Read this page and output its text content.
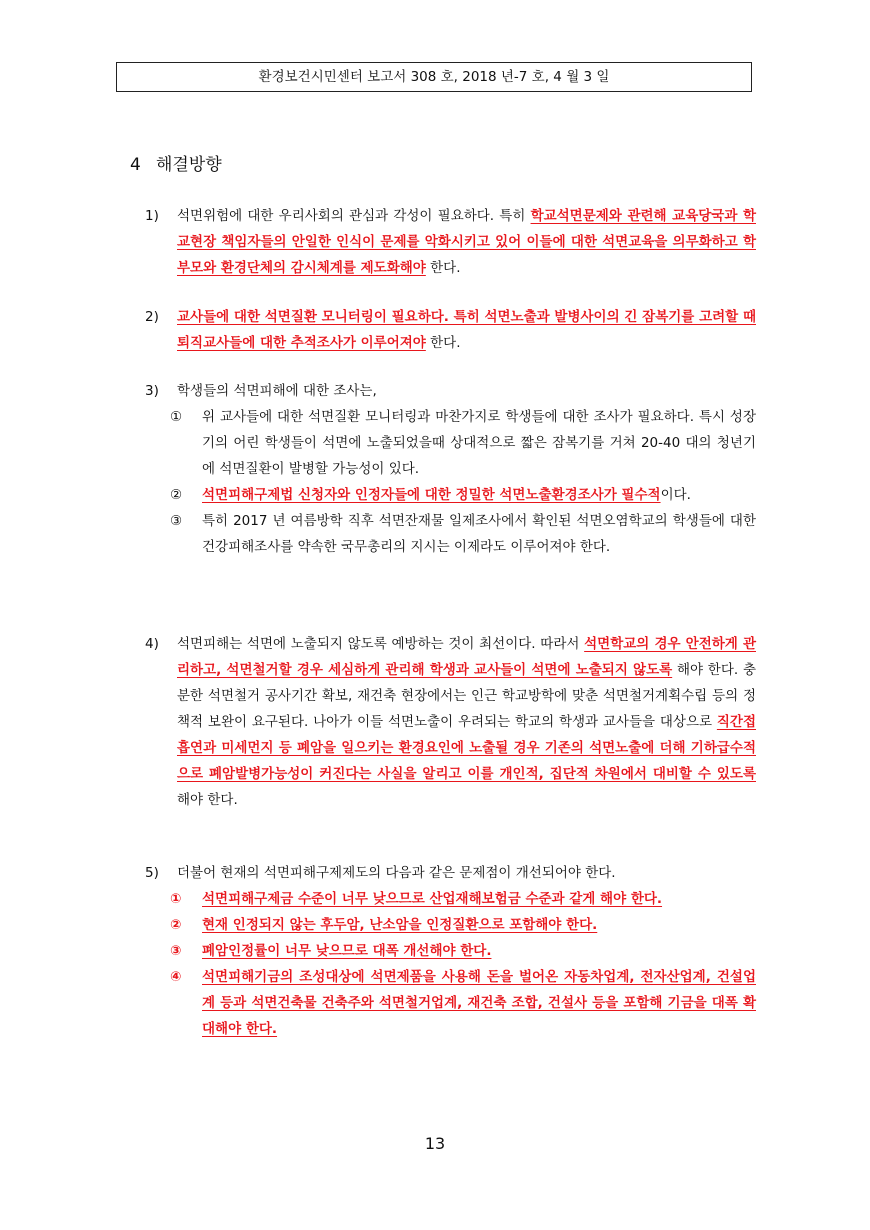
환경보건시민센터 보고서 308 호, 2018 년-7 호, 4 월 3 일
4 해결방향
1) 석면위험에 대한 우리사회의 관심과 각성이 필요하다. 특히 학교석면문제와 관련해 교육당국과 학교현장 책임자들의 안일한 인식이 문제를 악화시키고 있어 이들에 대한 석면교육을 의무화하고 학부모와 환경단체의 감시체계를 제도화해야 한다.
2) 교사들에 대한 석면질환 모니터링이 필요하다. 특히 석면노출과 발병사이의 긴 잠복기를 고려할 때 퇴직교사들에 대한 추적조사가 이루어져야 한다.
3) 학생들의 석면피해에 대한 조사는,
① 위 교사들에 대한 석면질환 모니터링과 마찬가지로 학생들에 대한 조사가 필요하다. 특시 성장기의 어린 학생들이 석면에 노출되었을때 상대적으로 짧은 잠복기를 거쳐 20-40 대의 청년기에 석면질환이 발병할 가능성이 있다.
② 석면피해구제법 신청자와 인정자들에 대한 정밀한 석면노출환경조사가 필수적이다.
③ 특히 2017 년 여름방학 직후 석면잔재물 일제조사에서 확인된 석면오염학교의 학생들에 대한 건강피해조사를 약속한 국무총리의 지시는 이제라도 이루어져야 한다.
4) 석면피해는 석면에 노출되지 않도록 예방하는 것이 최선이다. 따라서 석면학교의 경우 안전하게 관리하고, 석면철거할 경우 세심하게 관리해 학생과 교사들이 석면에 노출되지 않도록 해야 한다. 충분한 석면철거 공사기간 확보, 재건축 현장에서는 인근 학교방학에 맞춘 석면철거계획수립 등의 정책적 보완이 요구된다. 나아가 이들 석면노출이 우려되는 학교의 학생과 교사들을 대상으로 직간접흡연과 미세먼지 등 폐암을 일으키는 환경요인에 노출될 경우 기존의 석면노출에 더해 기하급수적으로 폐암발병가능성이 커진다는 사실을 알리고 이를 개인적, 집단적 차원에서 대비할 수 있도록 해야 한다.
5) 더불어 현재의 석면피해구제제도의 다음과 같은 문제점이 개선되어야 한다.
① 석면피해구제금 수준이 너무 낮으므로 산업재해보험금 수준과 같게 해야 한다.
② 현재 인정되지 않는 후두암, 난소암을 인정질환으로 포함해야 한다.
③ 폐암인정률이 너무 낮으므로 대폭 개선해야 한다.
④ 석면피해기금의 조성대상에 석면제품을 사용해 돈을 벌어온 자동차업계, 전자산업계, 건설업계 등과 석면건축물 건축주와 석면철거업계, 재건축 조합, 건설사 등을 포함해 기금을 대폭 확대해야 한다.
13
